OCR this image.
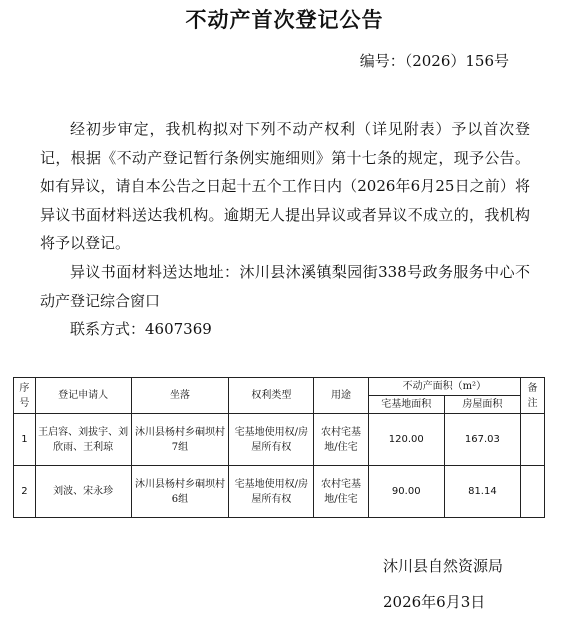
不动产首次登记公告
编号：（2026）156号

经初步审定，我机构拟对下列不动产权利（详见附表）予以首次登记，根据《不动产登记暂行条例实施细则》第十七条的规定，现予公告。如有异议，请自本公告之日起十五个工作日内（2026年6月25日之前）将异议书面材料送达我机构。逾期无人提出异议或者异议不成立的，我机构将予以登记。

异议书面材料送达地址：沐川县沐溪镇梨园街338号政务服务中心不动产登记综合窗口

联系方式：4607369

序号	登记申请人	坐落	权利类型	用途	不动产面积（m²）		备注
					宅基地面积	房屋面积	
1	王启容、刘拔宇、刘欣雨、王利琼	沐川县杨村乡硐坝村7组	宅基地使用权/房屋所有权	农村宅基地/住宅	120.00	167.03	
2	刘波、宋永珍	沐川县杨村乡硐坝村6组	宅基地使用权/房屋所有权	农村宅基地/住宅	90.00	81.14	
沐川县自然资源局
2026年6月3日
